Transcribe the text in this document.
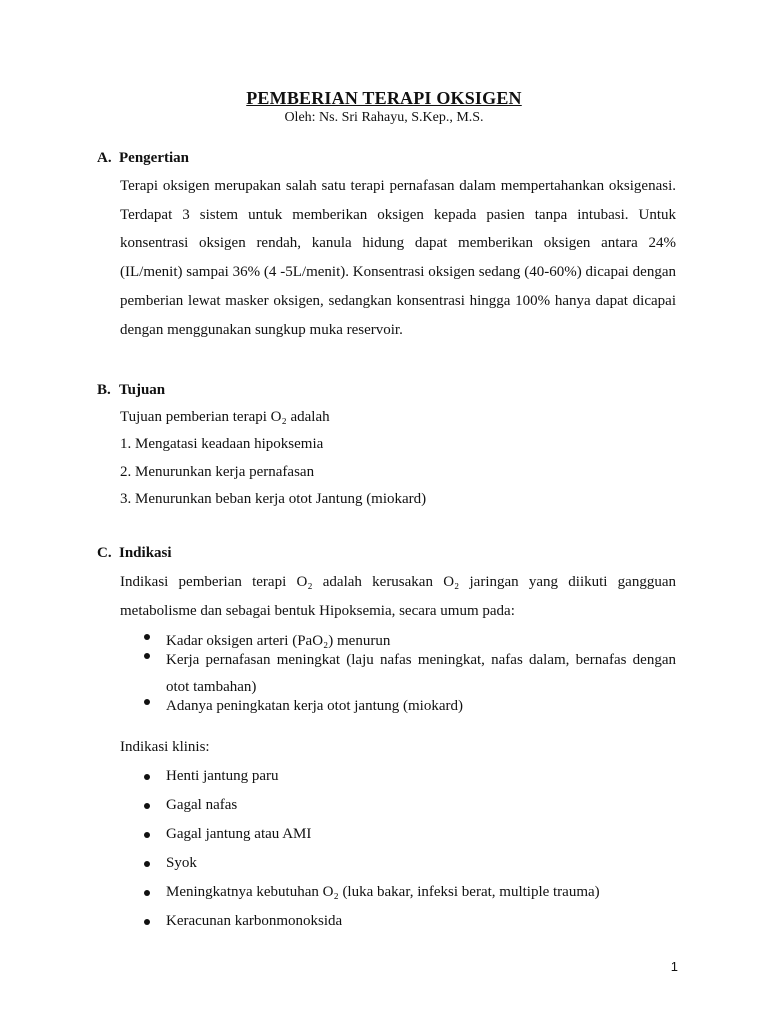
PEMBERIAN TERAPI OKSIGEN
Oleh: Ns. Sri Rahayu, S.Kep., M.S.
A. Pengertian
Terapi oksigen merupakan salah satu terapi pernafasan dalam mempertahankan oksigenasi. Terdapat 3 sistem untuk memberikan oksigen kepada pasien tanpa intubasi. Untuk konsentrasi oksigen rendah, kanula hidung dapat memberikan oksigen antara 24% (IL/menit) sampai 36% (4 -5L/menit). Konsentrasi oksigen sedang (40-60%) dicapai dengan pemberian lewat masker oksigen, sedangkan konsentrasi hingga 100% hanya dapat dicapai dengan menggunakan sungkup muka reservoir.
B. Tujuan
Tujuan pemberian terapi O₂ adalah
1. Mengatasi keadaan hipoksemia
2. Menurunkan kerja pernafasan
3. Menurunkan beban kerja otot Jantung (miokard)
C. Indikasi
Indikasi pemberian terapi O₂ adalah kerusakan O₂ jaringan yang diikuti gangguan metabolisme dan sebagai bentuk Hipoksemia, secara umum pada:
Kadar oksigen arteri (PaO₂) menurun
Kerja pernafasan meningkat (laju nafas meningkat, nafas dalam, bernafas dengan otot tambahan)
Adanya peningkatan kerja otot jantung (miokard)
Indikasi klinis:
Henti jantung paru
Gagal nafas
Gagal jantung atau AMI
Syok
Meningkatnya kebutuhan O₂ (luka bakar, infeksi berat, multiple trauma)
Keracunan karbonmonoksida
1
